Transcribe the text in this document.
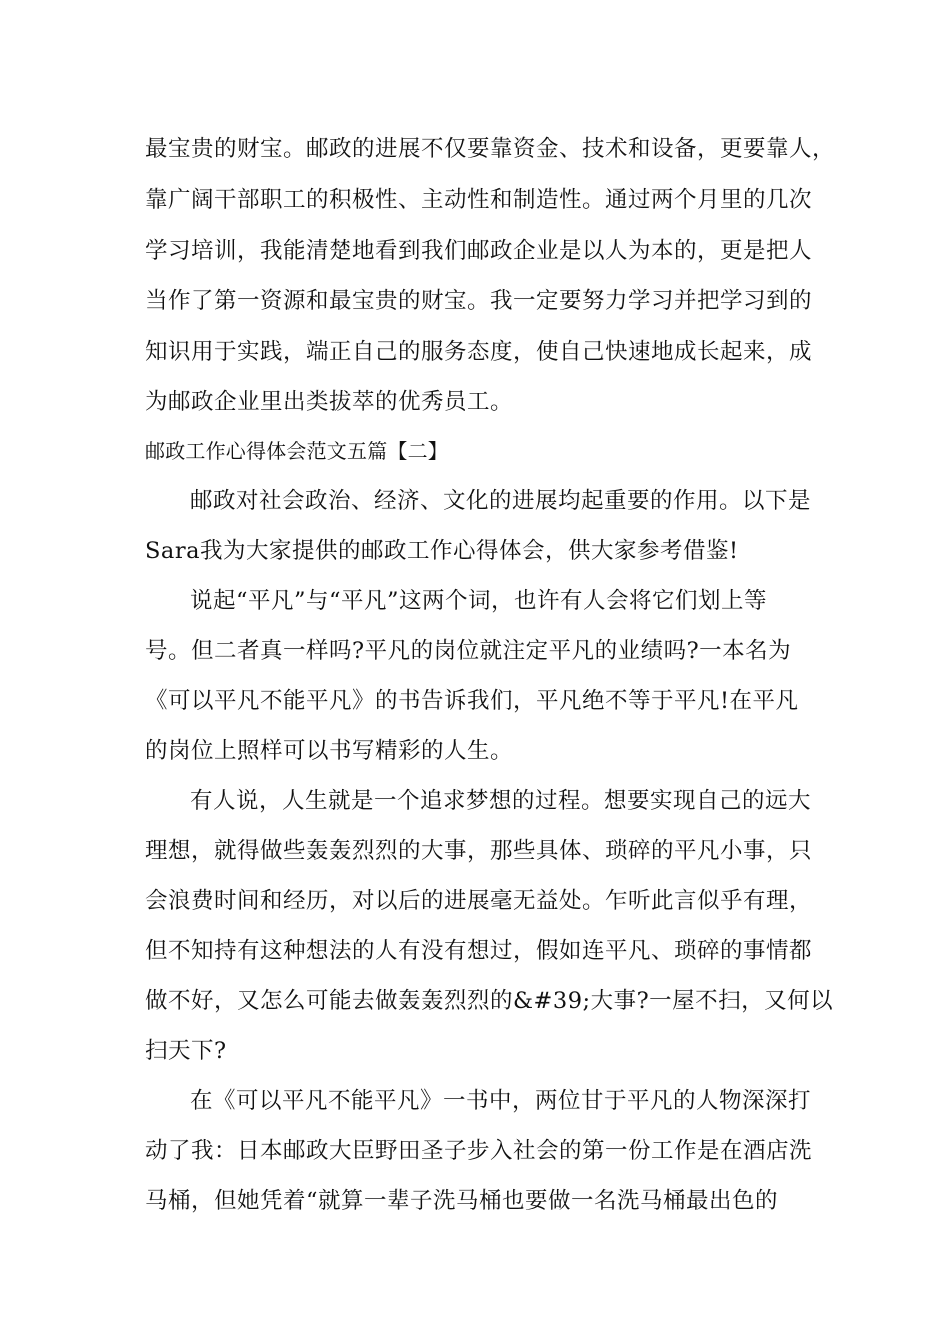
最宝贵的财宝。邮政的进展不仅要靠资金、技术和设备，更要靠人，
靠广阔干部职工的积极性、主动性和制造性。通过两个月里的几次
学习培训，我能清楚地看到我们邮政企业是以人为本的，更是把人
当作了第一资源和最宝贵的财宝。我一定要努力学习并把学习到的
知识用于实践，端正自己的服务态度，使自己快速地成长起来，成
为邮政企业里出类拔萃的优秀员工。
邮政工作心得体会范文五篇【二】
邮政对社会政治、经济、文化的进展均起重要的作用。以下是
Sara我为大家提供的邮政工作心得体会，供大家参考借鉴!
说起“平凡”与“平凡”这两个词，也许有人会将它们划上等
号。但二者真一样吗?平凡的岗位就注定平凡的业绩吗?一本名为
《可以平凡不能平凡》的书告诉我们，平凡绝不等于平凡!在平凡
的岗位上照样可以书写精彩的人生。
有人说，人生就是一个追求梦想的过程。想要实现自己的远大
理想，就得做些轰轰烈烈的大事，那些具体、琐碎的平凡小事，只
会浪费时间和经历，对以后的进展毫无益处。乍听此言似乎有理，
但不知持有这种想法的人有没有想过，假如连平凡、琐碎的事情都
做不好，又怎么可能去做轰轰烈烈的&#39;大事?一屋不扫，又何以
扫天下?
在《可以平凡不能平凡》一书中，两位甘于平凡的人物深深打
动了我：日本邮政大臣野田圣子步入社会的第一份工作是在酒店洗
马桶，但她凭着“就算一辈子洗马桶也要做一名洗马桶最出色的
